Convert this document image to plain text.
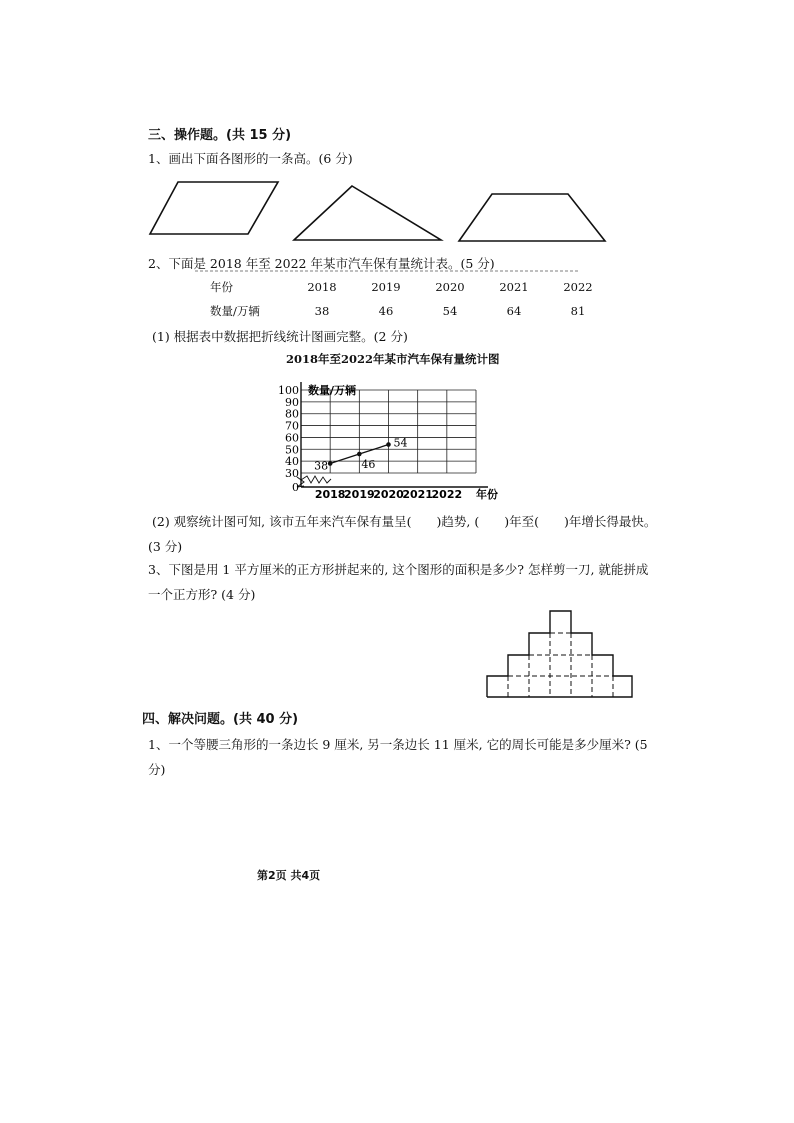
三、操作题。(共 15 分)
1、画出下面各图形的一条高。(6 分)
2、下面是 2018 年至 2022 年某市汽车保有量统计表。(5 分)
年份	2018	2019	2020	2021	2022
数量/万辆	38	46	54	64	81
(1) 根据表中数据把折线统计图画完整。(2 分)
2018年至2022年某市汽车保有量统计图
0
30
40
50
60
70
80
90
100 数量/万辆
2018
2019
2020
2021
2022 年份
38	46
54
(2) 观察统计图可知, 该市五年来汽车保有量呈(　　)趋势, (　　)年至(　　)年增长得最快。
(3 分)
3、下图是用 1 平方厘米的正方形拼起来的, 这个图形的面积是多少? 怎样剪一刀, 就能拼成
一个正方形? (4 分)
四、解决问题。(共 40 分)
1、一个等腰三角形的一条边长 9 厘米, 另一条边长 11 厘米, 它的周长可能是多少厘米? (5
分)
第2页 共4页
